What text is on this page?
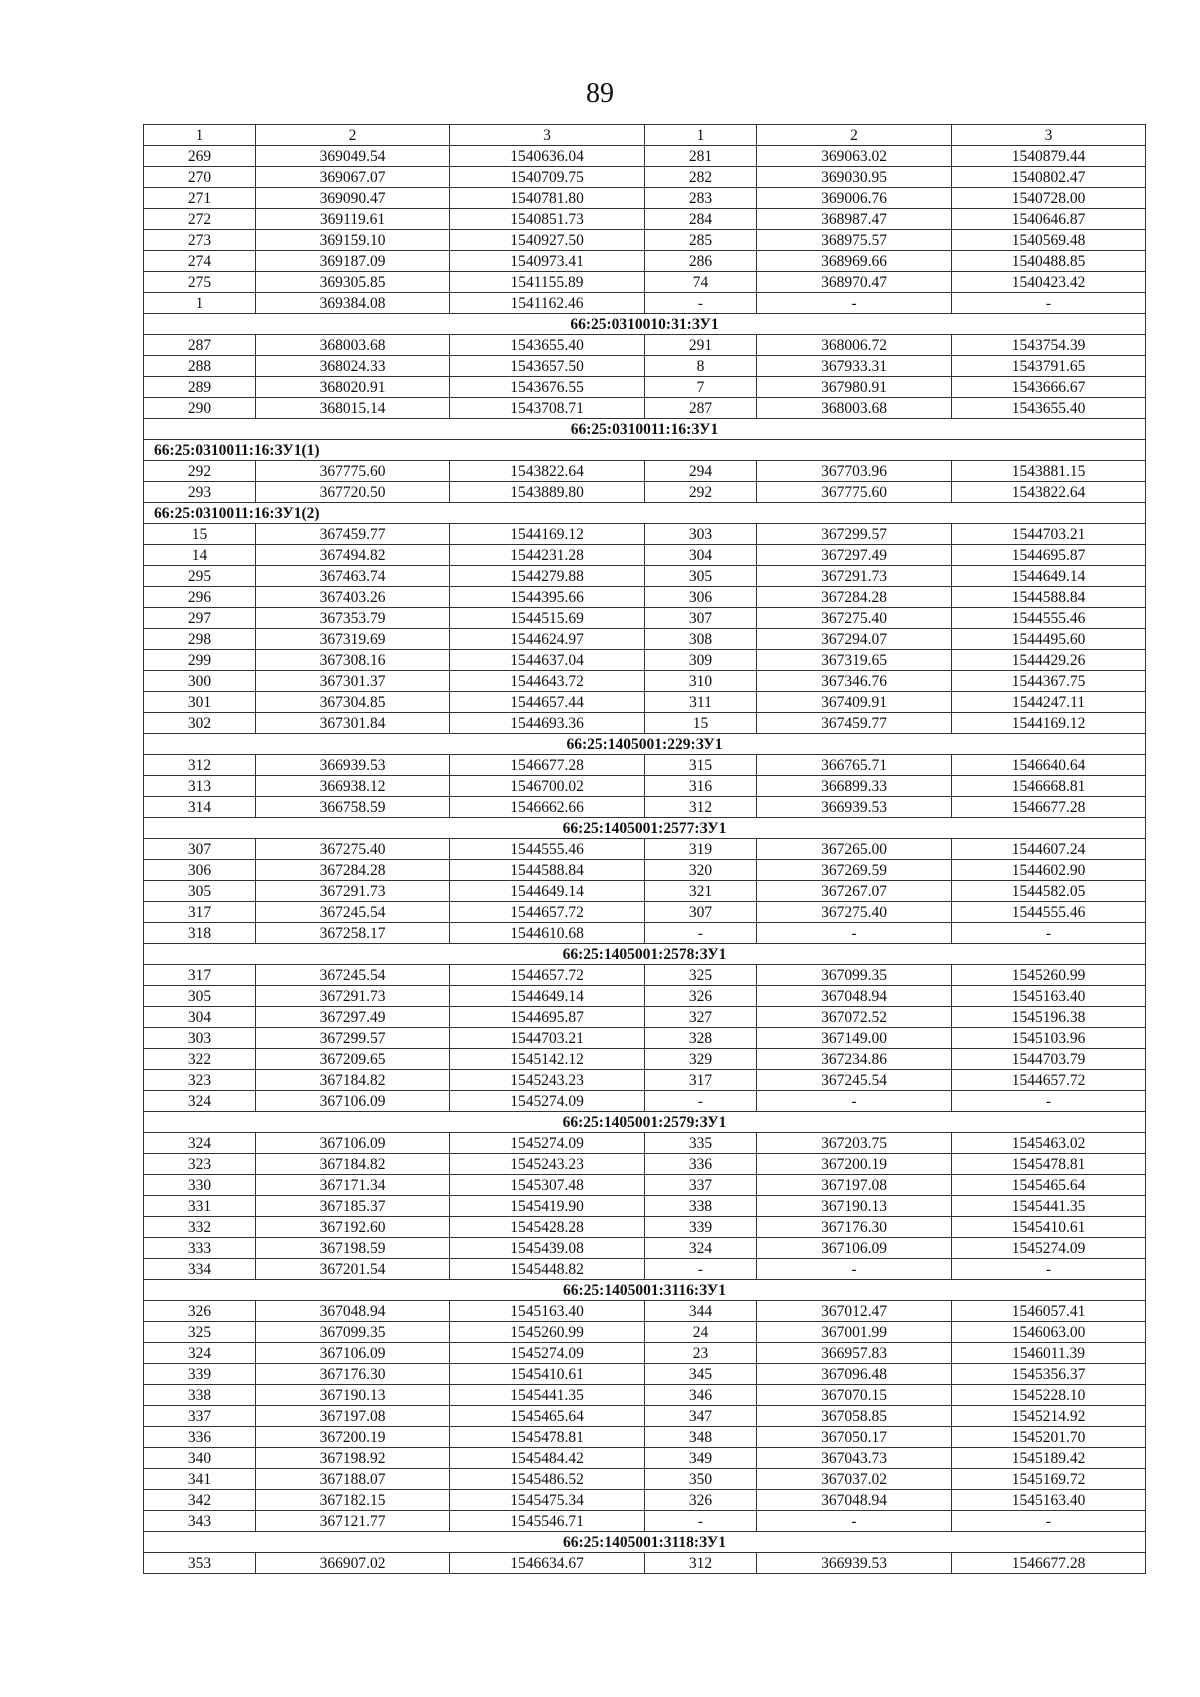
89
1	2	3	1	2	3
269	369049.54	1540636.04	281	369063.02	1540879.44
270	369067.07	1540709.75	282	369030.95	1540802.47
271	369090.47	1540781.80	283	369006.76	1540728.00
272	369119.61	1540851.73	284	368987.47	1540646.87
273	369159.10	1540927.50	285	368975.57	1540569.48
274	369187.09	1540973.41	286	368969.66	1540488.85
275	369305.85	1541155.89	74	368970.47	1540423.42
1	369384.08	1541162.46	-	-	-
66:25:0310010:31:ЗУ1					
287	368003.68	1543655.40	291	368006.72	1543754.39
288	368024.33	1543657.50	8	367933.31	1543791.65
289	368020.91	1543676.55	7	367980.91	1543666.67
290	368015.14	1543708.71	287	368003.68	1543655.40
66:25:0310011:16:ЗУ1					
66:25:0310011:16:ЗУ1(1)					
292	367775.60	1543822.64	294	367703.96	1543881.15
293	367720.50	1543889.80	292	367775.60	1543822.64
66:25:0310011:16:ЗУ1(2)					
15	367459.77	1544169.12	303	367299.57	1544703.21
14	367494.82	1544231.28	304	367297.49	1544695.87
295	367463.74	1544279.88	305	367291.73	1544649.14
296	367403.26	1544395.66	306	367284.28	1544588.84
297	367353.79	1544515.69	307	367275.40	1544555.46
298	367319.69	1544624.97	308	367294.07	1544495.60
299	367308.16	1544637.04	309	367319.65	1544429.26
300	367301.37	1544643.72	310	367346.76	1544367.75
301	367304.85	1544657.44	311	367409.91	1544247.11
302	367301.84	1544693.36	15	367459.77	1544169.12
66:25:1405001:229:ЗУ1					
312	366939.53	1546677.28	315	366765.71	1546640.64
313	366938.12	1546700.02	316	366899.33	1546668.81
314	366758.59	1546662.66	312	366939.53	1546677.28
66:25:1405001:2577:ЗУ1					
307	367275.40	1544555.46	319	367265.00	1544607.24
306	367284.28	1544588.84	320	367269.59	1544602.90
305	367291.73	1544649.14	321	367267.07	1544582.05
317	367245.54	1544657.72	307	367275.40	1544555.46
318	367258.17	1544610.68	-	-	-
66:25:1405001:2578:ЗУ1					
317	367245.54	1544657.72	325	367099.35	1545260.99
305	367291.73	1544649.14	326	367048.94	1545163.40
304	367297.49	1544695.87	327	367072.52	1545196.38
303	367299.57	1544703.21	328	367149.00	1545103.96
322	367209.65	1545142.12	329	367234.86	1544703.79
323	367184.82	1545243.23	317	367245.54	1544657.72
324	367106.09	1545274.09	-	-	-
66:25:1405001:2579:ЗУ1					
324	367106.09	1545274.09	335	367203.75	1545463.02
323	367184.82	1545243.23	336	367200.19	1545478.81
330	367171.34	1545307.48	337	367197.08	1545465.64
331	367185.37	1545419.90	338	367190.13	1545441.35
332	367192.60	1545428.28	339	367176.30	1545410.61
333	367198.59	1545439.08	324	367106.09	1545274.09
334	367201.54	1545448.82	-	-	-
66:25:1405001:3116:ЗУ1					
326	367048.94	1545163.40	344	367012.47	1546057.41
325	367099.35	1545260.99	24	367001.99	1546063.00
324	367106.09	1545274.09	23	366957.83	1546011.39
339	367176.30	1545410.61	345	367096.48	1545356.37
338	367190.13	1545441.35	346	367070.15	1545228.10
337	367197.08	1545465.64	347	367058.85	1545214.92
336	367200.19	1545478.81	348	367050.17	1545201.70
340	367198.92	1545484.42	349	367043.73	1545189.42
341	367188.07	1545486.52	350	367037.02	1545169.72
342	367182.15	1545475.34	326	367048.94	1545163.40
343	367121.77	1545546.71	-	-	-
66:25:1405001:3118:ЗУ1					
353	366907.02	1546634.67	312	366939.53	1546677.28
